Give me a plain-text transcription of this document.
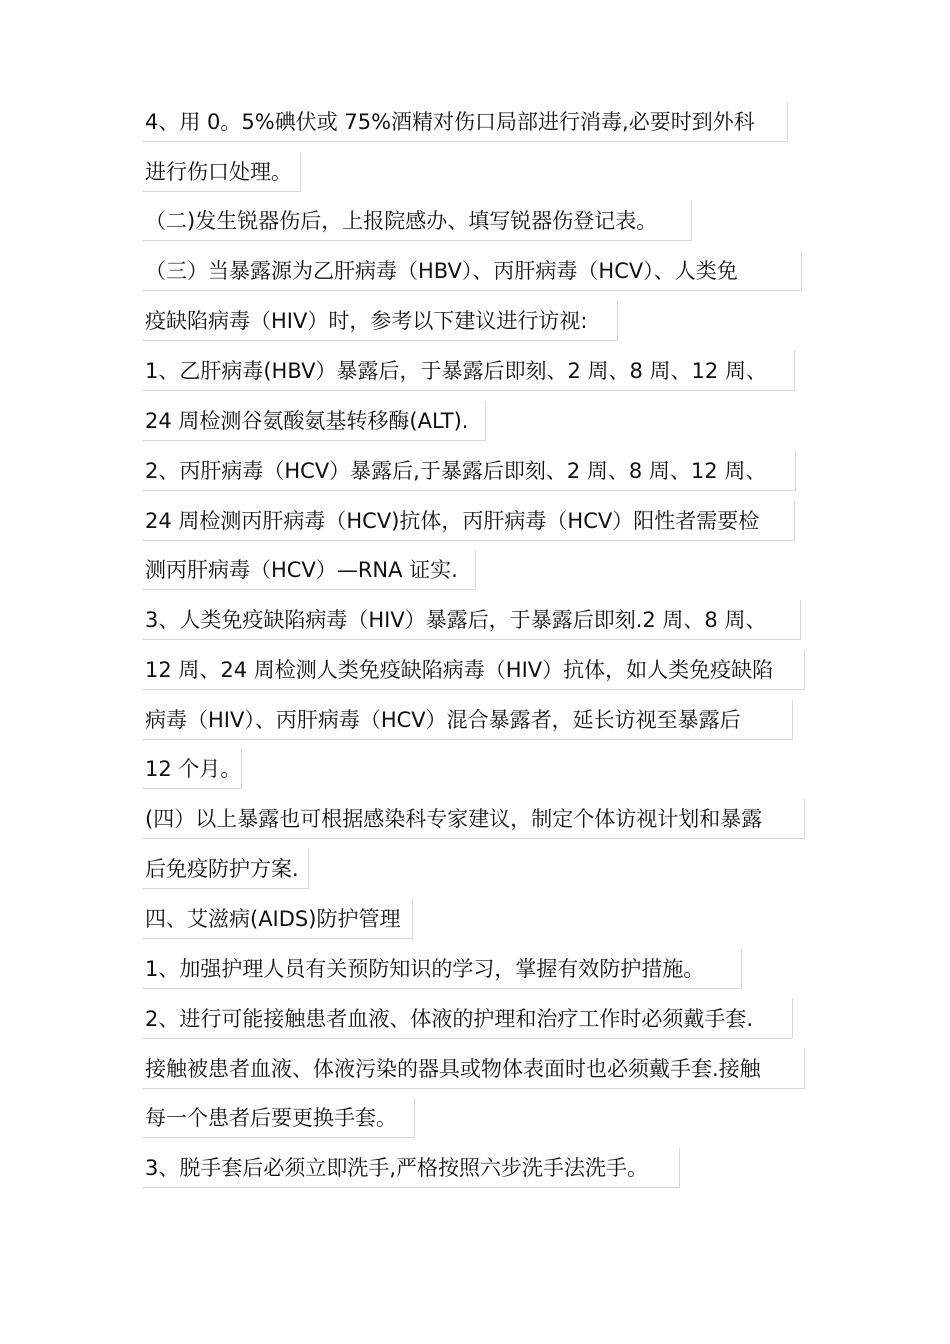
4、用 0。5%碘伏或 75%酒精对伤口局部进行消毒,必要时到外科
进行伤口处理。
（二)发生锐器伤后，上报院感办、填写锐器伤登记表。
（三）当暴露源为乙肝病毒（HBV）、丙肝病毒（HCV）、人类免
疫缺陷病毒（HIV）时，参考以下建议进行访视:
1、乙肝病毒(HBV）暴露后，于暴露后即刻、2 周、8 周、12 周、
24 周检测谷氨酸氨基转移酶(ALT).
2、丙肝病毒（HCV）暴露后,于暴露后即刻、2 周、8 周、12 周、
24 周检测丙肝病毒（HCV)抗体，丙肝病毒（HCV）阳性者需要检
测丙肝病毒（HCV）—RNA 证实.
3、人类免疫缺陷病毒（HIV）暴露后，于暴露后即刻.2 周、8 周、
12 周、24 周检测人类免疫缺陷病毒（HIV）抗体，如人类免疫缺陷
病毒（HIV）、丙肝病毒（HCV）混合暴露者，延长访视至暴露后
12 个月。
(四）以上暴露也可根据感染科专家建议，制定个体访视计划和暴露
后免疫防护方案.
四、艾滋病(AIDS)防护管理
1、加强护理人员有关预防知识的学习，掌握有效防护措施。
2、进行可能接触患者血液、体液的护理和治疗工作时必须戴手套.
接触被患者血液、体液污染的器具或物体表面时也必须戴手套.接触
每一个患者后要更换手套。
3、脱手套后必须立即洗手,严格按照六步洗手法洗手。
